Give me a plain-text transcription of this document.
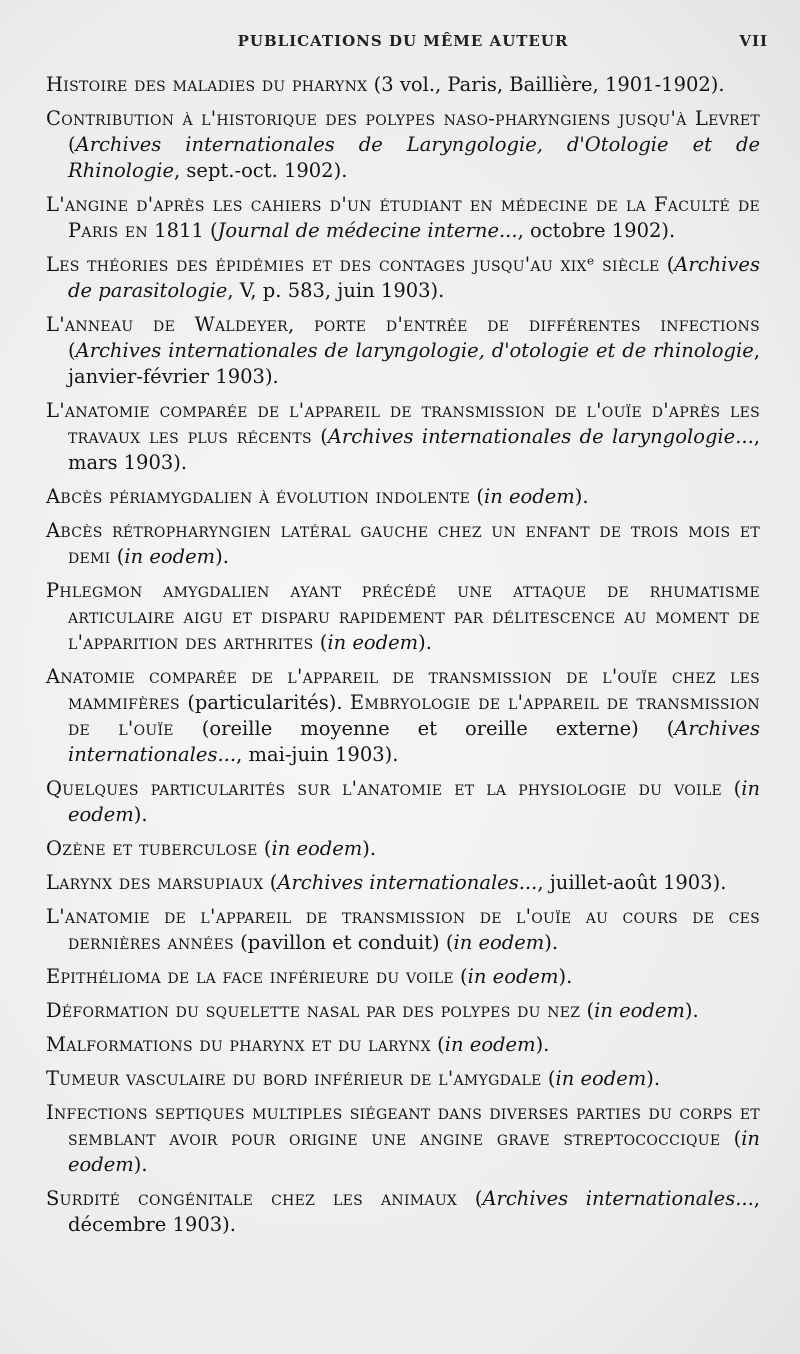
PUBLICATIONS DU MÊME AUTEUR	VII

Histoire des maladies du pharynx (3 vol., Paris, Baillière, 1901-1902).

Contribution à l'historique des polypes naso-pharyngiens jusqu'à Levret (Archives internationales de Laryngologie, d'Otologie et de Rhinologie, sept.-oct. 1902).

L'angine d'après les cahiers d'un étudiant en médecine de la Faculté de Paris en 1811 (Journal de médecine interne..., octobre 1902).

Les théories des épidémies et des contages jusqu'au xixᵉ siècle (Archives de parasitologie, V, p. 583, juin 1903).

L'anneau de Waldeyer, porte d'entrée de différentes infections (Archives internationales de laryngologie, d'otologie et de rhinologie, janvier-février 1903).

L'anatomie comparée de l'appareil de transmission de l'ouïe d'après les travaux les plus récents (Archives internationales de laryngologie..., mars 1903).

Abcès périamygdalien à évolution indolente (in eodem).

Abcès rétropharyngien latéral gauche chez un enfant de trois mois et demi (in eodem).

Phlegmon amygdalien ayant précédé une attaque de rhumatisme articulaire aigu et disparu rapidement par délitescence au moment de l'apparition des arthrites (in eodem).

Anatomie comparée de l'appareil de transmission de l'ouïe chez les mammifères (particularités). Embryologie de l'appareil de transmission de l'ouïe (oreille moyenne et oreille externe) (Archives internationales..., mai-juin 1903).

Quelques particularités sur l'anatomie et la physiologie du voile (in eodem).

Ozène et tuberculose (in eodem).

Larynx des marsupiaux (Archives internationales..., juillet-août 1903).

L'anatomie de l'appareil de transmission de l'ouïe au cours de ces dernières années (pavillon et conduit) (in eodem).

Epithélioma de la face inférieure du voile (in eodem).

Déformation du squelette nasal par des polypes du nez (in eodem).

Malformations du pharynx et du larynx (in eodem).

Tumeur vasculaire du bord inférieur de l'amygdale (in eodem).

Infections septiques multiples siégeant dans diverses parties du corps et semblant avoir pour origine une angine grave streptococcique (in eodem).

Surdité congénitale chez les animaux (Archives internationales..., décembre 1903).
